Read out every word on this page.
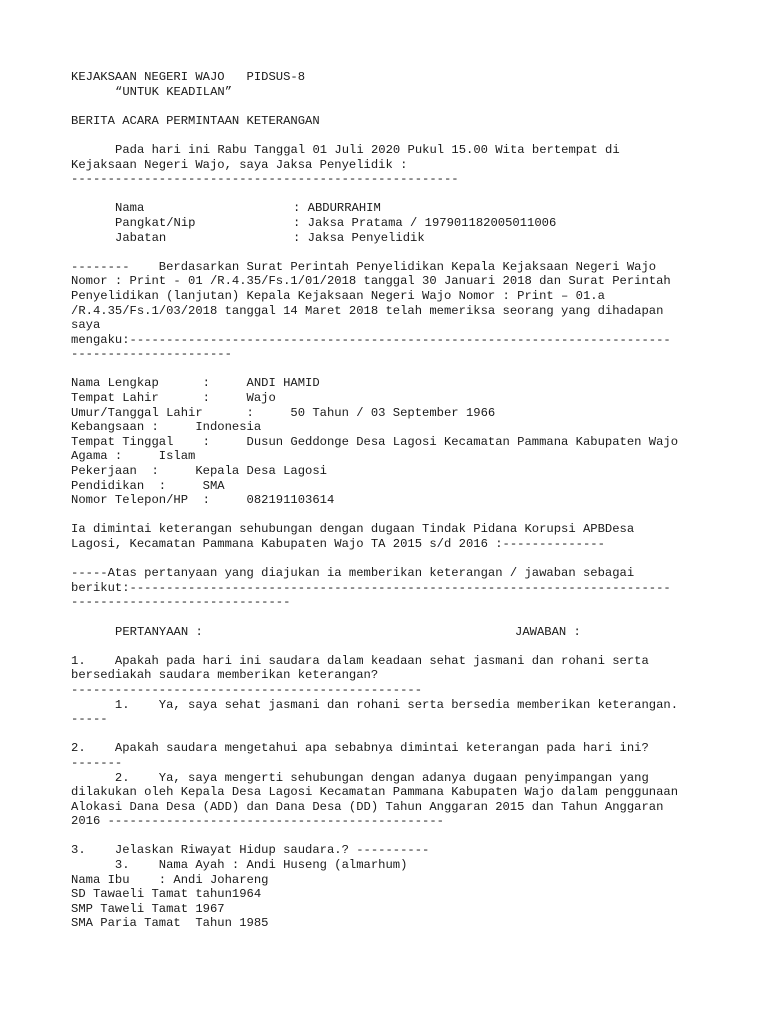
KEJAKSAAN NEGERI WAJO   PIDSUS-8
“UNTUK KEADILAN”
BERITA ACARA PERMINTAAN KETERANGAN
Pada hari ini Rabu Tanggal 01 Juli 2020 Pukul 15.00 Wita bertempat di
Kejaksaan Negeri Wajo, saya Jaksa Penyelidik :
-----------------------------------------------------
Nama	: ABDURRAHIM
Pangkat/Nip	: Jaksa Pratama / 197901182005011006
Jabatan	: Jaksa Penyelidik
--------    Berdasarkan Surat Perintah Penyelidikan Kepala Kejaksaan Negeri Wajo
Nomor : Print - 01 /R.4.35/Fs.1/01/2018 tanggal 30 Januari 2018 dan Surat Perintah
Penyelidikan (lanjutan) Kepala Kejaksaan Negeri Wajo Nomor : Print – 01.a
/R.4.35/Fs.1/03/2018 tanggal 14 Maret 2018 telah memeriksa seorang yang dihadapan
saya
mengaku:--------------------------------------------------------------------------
----------------------
Nama Lengkap      :     ANDI HAMID
Tempat Lahir      :     Wajo
Umur/Tanggal Lahir      :     50 Tahun / 03 September 1966
Kebangsaan :     Indonesia
Tempat Tinggal    :     Dusun Geddonge Desa Lagosi Kecamatan Pammana Kabupaten Wajo
Agama :     Islam
Pekerjaan  :     Kepala Desa Lagosi
Pendidikan  :     SMA
Nomor Telepon/HP  :     082191103614
Ia dimintai keterangan sehubungan dengan dugaan Tindak Pidana Korupsi APBDesa
Lagosi, Kecamatan Pammana Kabupaten Wajo TA 2015 s/d 2016 :--------------
-----Atas pertanyaan yang diajukan ia memberikan keterangan / jawaban sebagai
berikut:--------------------------------------------------------------------------
------------------------------
PERTANYAAN :	JAWABAN :
1.    Apakah pada hari ini saudara dalam keadaan sehat jasmani dan rohani serta
bersediakah saudara memberikan keterangan?
------------------------------------------------
1.    Ya, saya sehat jasmani dan rohani serta bersedia memberikan keterangan.
-----
2.    Apakah saudara mengetahui apa sebabnya dimintai keterangan pada hari ini?
-------
2.    Ya, saya mengerti sehubungan dengan adanya dugaan penyimpangan yang
dilakukan oleh Kepala Desa Lagosi Kecamatan Pammana Kabupaten Wajo dalam penggunaan
Alokasi Dana Desa (ADD) dan Dana Desa (DD) Tahun Anggaran 2015 dan Tahun Anggaran
2016 ----------------------------------------------
3.    Jelaskan Riwayat Hidup saudara.? ----------
3.    Nama Ayah : Andi Huseng (almarhum)
Nama Ibu    : Andi Johareng
SD Tawaeli Tamat tahun1964
SMP Taweli Tamat 1967
SMA Paria Tamat  Tahun 1985
